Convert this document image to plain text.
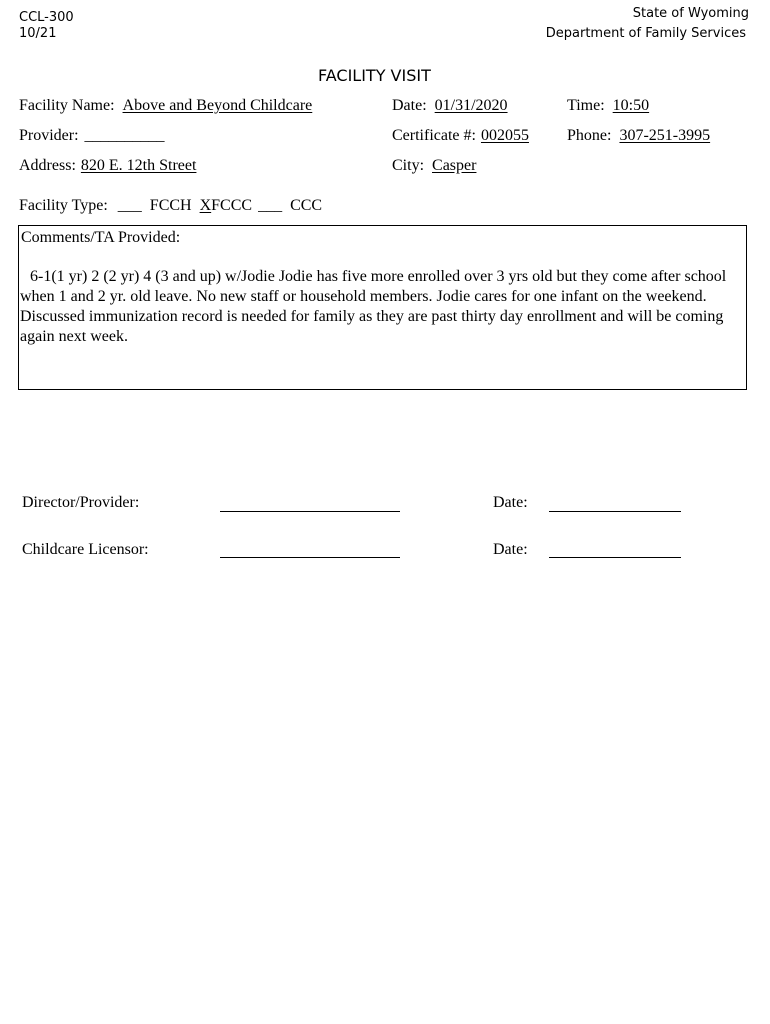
CCL-300
10/21
State of Wyoming
Department of Family Services
FACILITY VISIT
Facility Name: Above and Beyond Childcare	Date: 01/31/2020	Time: 10:50
Provider: __________	Certificate #: 002055 Phone: 307-251-3995
Address: 820 E. 12th Street	City: Casper
Facility Type: ___ FCCH XFCCC ___ CCC
Comments/TA Provided:
6-1(1 yr) 2 (2 yr) 4 (3 and up) w/Jodie Jodie has five more enrolled over 3 yrs old but they come after school when 1 and 2 yr. old leave. No new staff or household members. Jodie cares for one infant on the weekend. Discussed immunization record is needed for family as they are past thirty day enrollment and will be coming again next week.
Director/Provider:	Date:
Childcare Licensor:	Date:
